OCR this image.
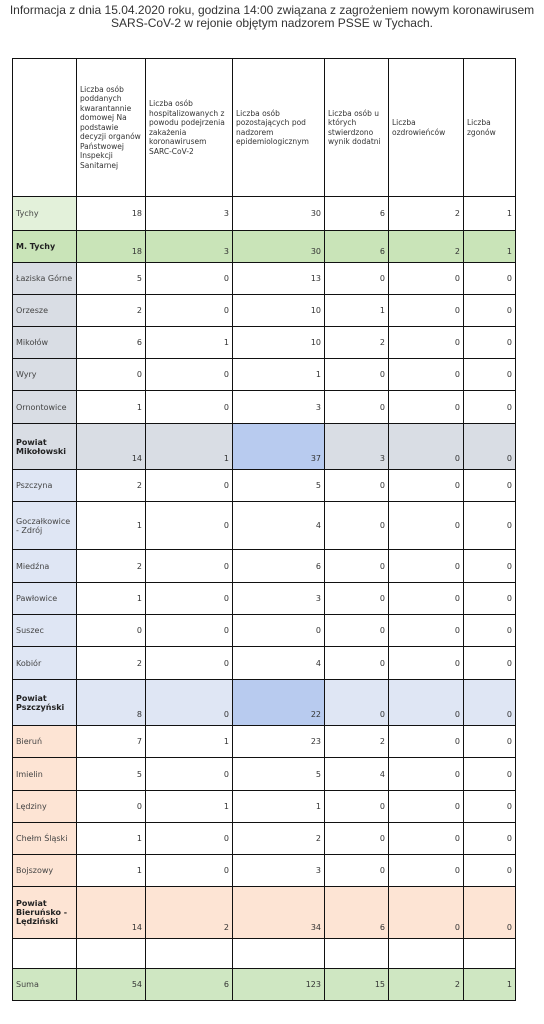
Informacja z dnia 15.04.2020 roku, godzina 14:00 związana z zagrożeniem nowym koronawirusem
SARS-CoV-2 w rejonie objętym nadzorem PSSE w Tychach.
	Liczba osób poddanych kwarantannie domowej Na podstawie decyzji organów Państwowej Inspekcji Sanitarnej	Liczba osób hospitalizowanych z powodu podejrzenia zakażenia koronawirusem SARC-CoV-2	Liczba osób pozostających pod nadzorem epidemiologicznym	Liczba osób u których stwierdzono wynik dodatni	Liczba ozdrowieńców	Liczba zgonów
Tychy	18	3	30	6	2	1
M. Tychy	18	3	30	6	2	1
Łaziska Górne	5	0	13	0	0	0
Orzesze	2	0	10	1	0	0
Mikołów	6	1	10	2	0	0
Wyry	0	0	1	0	0	0
Ornontowice	1	0	3	0	0	0
Powiat Mikołowski	14	1	37	3	0	0
Pszczyna	2	0	5	0	0	0
Goczałkowice - Zdrój	1	0	4	0	0	0
Miedźna	2	0	6	0	0	0
Pawłowice	1	0	3	0	0	0
Suszec	0	0	0	0	0	0
Kobiór	2	0	4	0	0	0
Powiat Pszczyński	8	0	22	0	0	0
Bieruń	7	1	23	2	0	0
Imielin	5	0	5	4	0	0
Lędziny	0	1	1	0	0	0
Chełm Śląski	1	0	2	0	0	0
Bojszowy	1	0	3	0	0	0
Powiat Bieruńsko - Lędziński	14	2	34	6	0	0

Suma	54	6	123	15	2	1
